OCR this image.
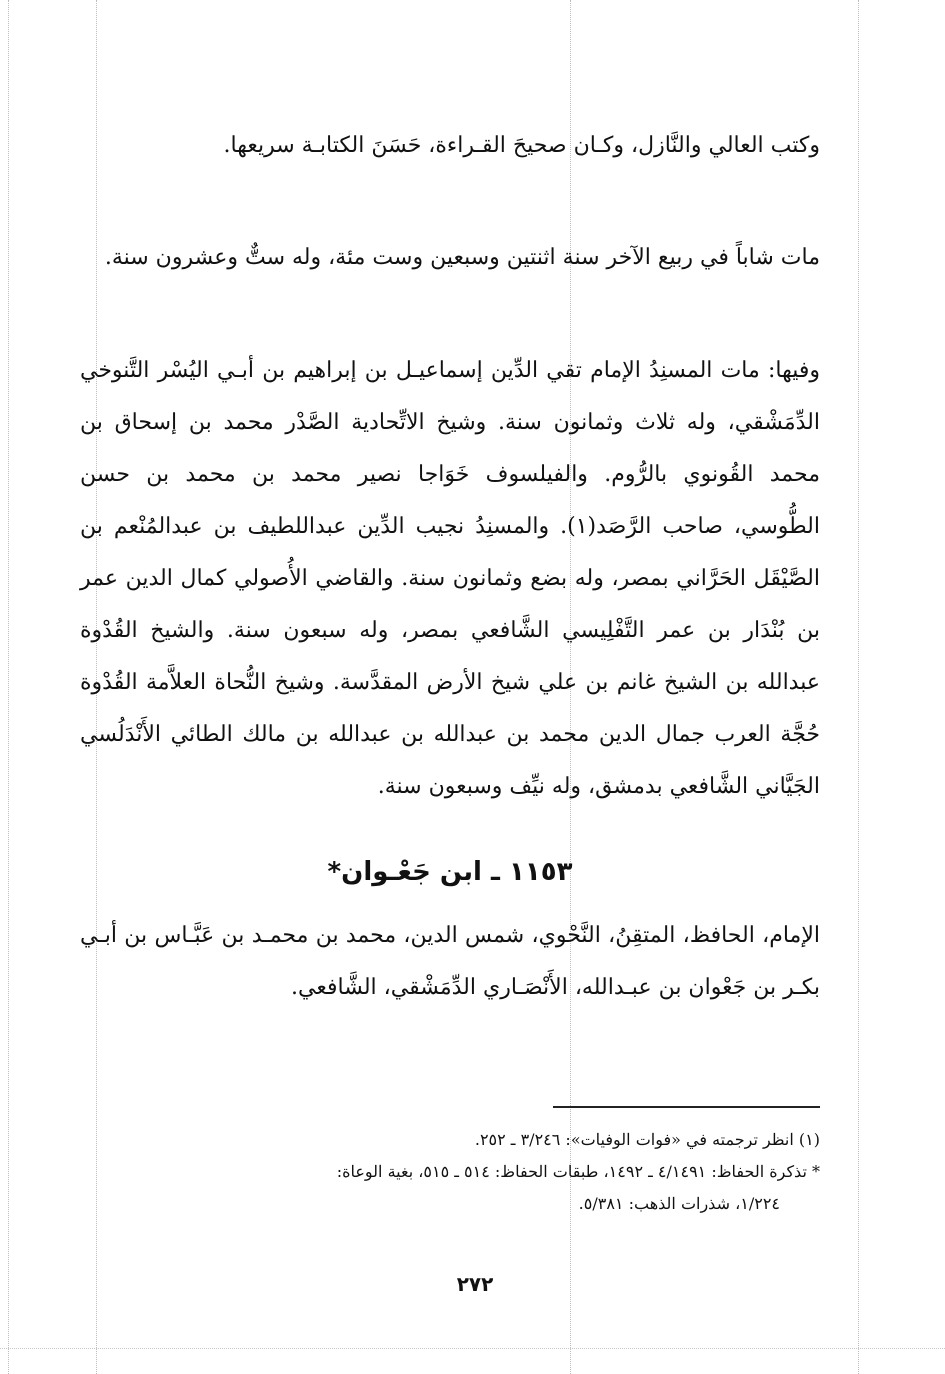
وكتب العالي والنَّازل، وكـان صحيحَ القـراءة، حَسَنَ الكتابـة سريعها.

مات شاباً في ربيع الآخر سنة اثنتين وسبعين وست مئة، وله ستٌّ وعشرون سنة.

وفيها: مات المسنِدُ الإمام تقي الدِّين إسماعيـل بن إبراهيم بن أبـي اليُسْر التَّنوخي الدِّمَشْقي، وله ثلاث وثمانون سنة. وشيخ الاتِّحادية الصَّدْر محمد بن إسحاق بن محمد القُونوي بالرُّوم. والفيلسوف خَوَاجا نصير محمد بن محمد بن حسن الطُّوسي، صاحب الرَّصَد(١). والمسنِدُ نجيب الدِّين عبداللطيف بن عبدالمُنْعم بن الصَّيْقَل الحَرَّاني بمصر، وله بضع وثمانون سنة. والقاضي الأُصولي كمال الدين عمر بن بُنْدَار بن عمر التَّفْلِيسي الشَّافعي بمصر، وله سبعون سنة. والشيخ القُدْوة عبدالله بن الشيخ غانم بن علي شيخ الأرض المقدَّسة. وشيخ النُّحاة العلاَّمة القُدْوة حُجَّة العرب جمال الدين محمد بن عبدالله بن عبدالله بن مالك الطائي الأَنْدَلُسي الجَيَّاني الشَّافعي بدمشق، وله نيِّف وسبعون سنة.

١١٥٣ ـ ابن جَعْـوان*

الإمام، الحافظ، المتقِنُ، النَّحْوي، شمس الدين، محمد بن محمـد بن عَبَّـاس بن أبـي بكـر بن جَعْوان بن عبـدالله، الأَنْصَـاري الدِّمَشْقي، الشَّافعي.

(١) انظر ترجمته في «فوات الوفيات»: ٣/٢٤٦ ـ ٢٥٢.
* تذكرة الحفاظ: ٤/١٤٩١ ـ ١٤٩٢، طبقات الحفاظ: ٥١٤ ـ ٥١٥، بغية الوعاة:
١/٢٢٤، شذرات الذهب: ٥/٣٨١.
٢٧٢
